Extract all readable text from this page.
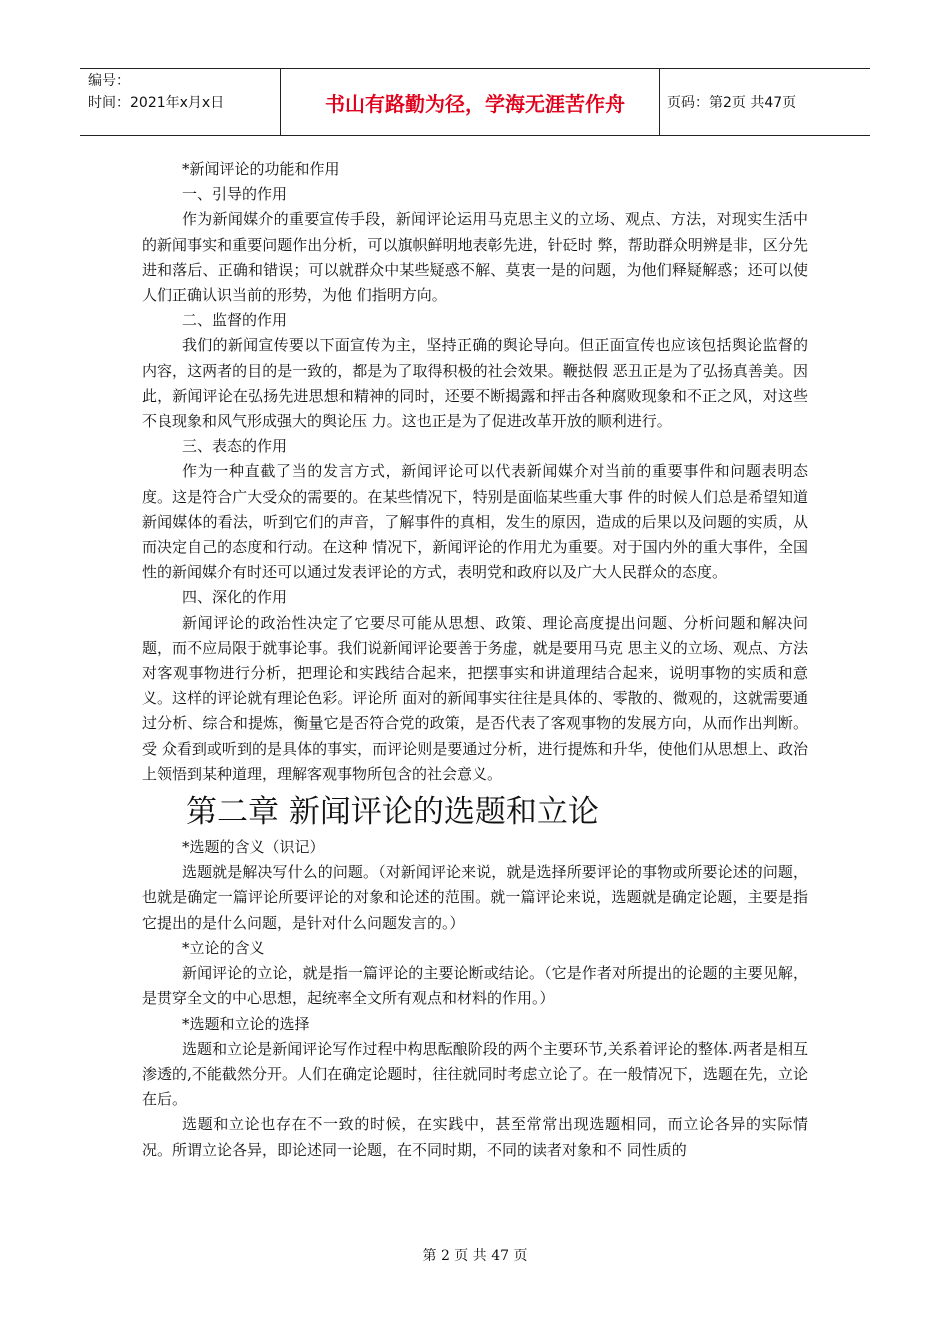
编号：
时间：2021年x月x日	书山有路勤为径，学海无涯苦作舟	页码：第2页 共47页

*新闻评论的功能和作用

一、引导的作用

作为新闻媒介的重要宣传手段，新闻评论运用马克思主义的立场、观点、方法，对现实生活中的新闻事实和重要问题作出分析，可以旗帜鲜明地表彰先进，针砭时 弊，帮助群众明辨是非，区分先进和落后、正确和错误；可以就群众中某些疑惑不解、莫衷一是的问题，为他们释疑解惑；还可以使人们正确认识当前的形势，为他 们指明方向。

二、监督的作用

我们的新闻宣传要以下面宣传为主，坚持正确的舆论导向。但正面宣传也应该包括舆论监督的内容，这两者的目的是一致的，都是为了取得积极的社会效果。鞭挞假 恶丑正是为了弘扬真善美。因此，新闻评论在弘扬先进思想和精神的同时，还要不断揭露和抨击各种腐败现象和不正之风，对这些不良现象和风气形成强大的舆论压 力。这也正是为了促进改革开放的顺利进行。

三、表态的作用

作为一种直截了当的发言方式，新闻评论可以代表新闻媒介对当前的重要事件和问题表明态度。这是符合广大受众的需要的。在某些情况下，特别是面临某些重大事 件的时候人们总是希望知道新闻媒体的看法，听到它们的声音，了解事件的真相，发生的原因，造成的后果以及问题的实质，从而决定自己的态度和行动。在这种 情况下，新闻评论的作用尤为重要。对于国内外的重大事件，全国性的新闻媒介有时还可以通过发表评论的方式，表明党和政府以及广大人民群众的态度。

四、深化的作用

新闻评论的政治性决定了它要尽可能从思想、政策、理论高度提出问题、分析问题和解决问题，而不应局限于就事论事。我们说新闻评论要善于务虚，就是要用马克 思主义的立场、观点、方法对客观事物进行分析，把理论和实践结合起来，把摆事实和讲道理结合起来，说明事物的实质和意义。这样的评论就有理论色彩。评论所 面对的新闻事实往往是具体的、零散的、微观的，这就需要通过分析、综合和提炼，衡量它是否符合党的政策，是否代表了客观事物的发展方向，从而作出判断。受 众看到或听到的是具体的事实，而评论则是要通过分析，进行提炼和升华，使他们从思想上、政治上领悟到某种道理，理解客观事物所包含的社会意义。

第二章 新闻评论的选题和立论

*选题的含义（识记）

选题就是解决写什么的问题。（对新闻评论来说，就是选择所要评论的事物或所要论述的问题，也就是确定一篇评论所要评论的对象和论述的范围。就一篇评论来说，选题就是确定论题，主要是指它提出的是什么问题，是针对什么问题发言的。）

*立论的含义

新闻评论的立论，就是指一篇评论的主要论断或结论。（它是作者对所提出的论题的主要见解，是贯穿全文的中心思想，起统率全文所有观点和材料的作用。）

*选题和立论的选择

选题和立论是新闻评论写作过程中构思酝酿阶段的两个主要环节,关系着评论的整体.两者是相互渗透的,不能截然分开。人们在确定论题时，往往就同时考虑立论了。在一般情况下，选题在先，立论在后。

选题和立论也存在不一致的时候，在实践中，甚至常常出现选题相同，而立论各异的实际情况。所谓立论各异，即论述同一论题，在不同时期，不同的读者对象和不 同性质的

第 2 页 共 47 页
